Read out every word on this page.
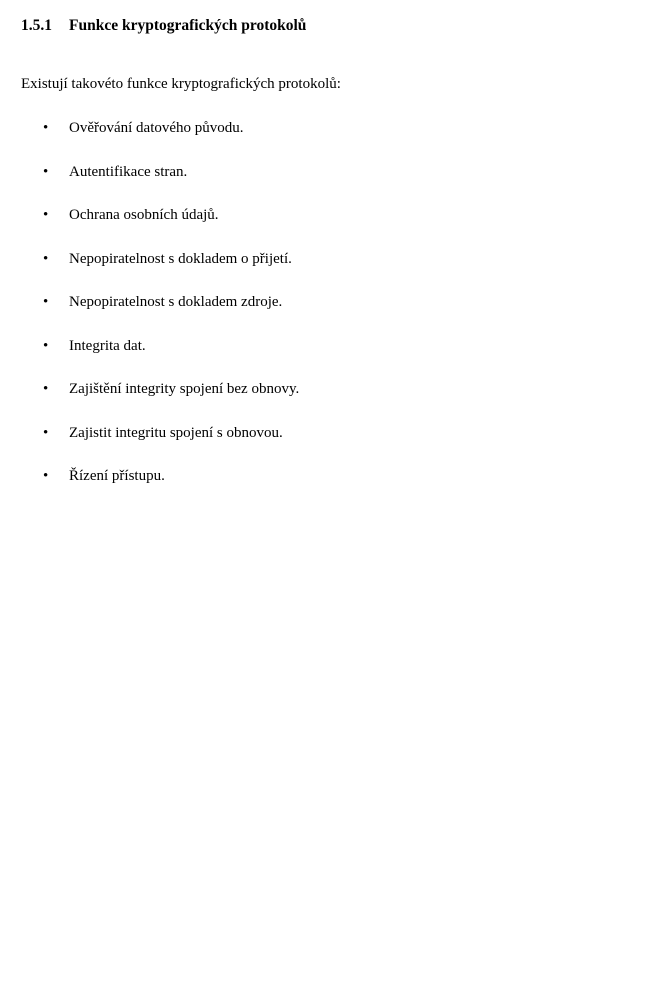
1.5.1 Funkce kryptografických protokolů
Existují takovéto funkce kryptografických protokolů:
• Ověřování datového původu.
• Autentifikace stran.
• Ochrana osobních údajů.
• Nepopiratelnost s dokladem o přijetí.
• Nepopiratelnost s dokladem zdroje.
• Integrita dat.
• Zajištění integrity spojení bez obnovy.
• Zajistit integritu spojení s obnovou.
• Řízení přístupu.
